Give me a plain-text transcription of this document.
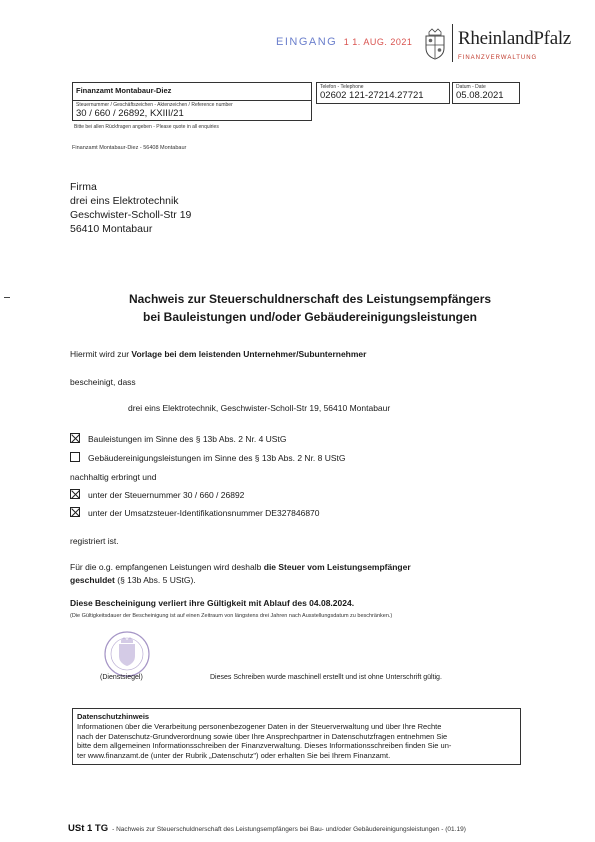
EINGANG 1 1. AUG. 2021 RheinlandPfalz
FINANZVERWALTUNG
Finanzamt Montabaur-Diez
Steuernummer / Geschäftszeichen - Aktenzeichen / Reference number
30 / 660 / 26892, KXIII/21
Bitte bei allen Rückfragen angeben - Please quote in all enquiries
Telefon - Telephone
02602 121-27214.27721
Datum - Date
05.08.2021
Finanzamt Montabaur-Diez - 56408 Montabaur
Firma
drei eins Elektrotechnik
Geschwister-Scholl-Str 19
56410 Montabaur
Nachweis zur Steuerschuldnerschaft des Leistungsempfängers
bei Bauleistungen und/oder Gebäudereinigungsleistungen
Hiermit wird zur Vorlage bei dem leistenden Unternehmer/Subunternehmer
bescheinigt, dass
drei eins Elektrotechnik, Geschwister-Scholl-Str 19, 56410 Montabaur
Bauleistungen im Sinne des § 13b Abs. 2 Nr. 4 UStG
Gebäudereinigungsleistungen im Sinne des § 13b Abs. 2 Nr. 8 UStG
nachhaltig erbringt und
unter der Steuernummer 30 / 660 / 26892
unter der Umsatzsteuer-Identifikationsnummer DE327846870
registriert ist.
Für die o.g. empfangenen Leistungen wird deshalb die Steuer vom Leistungsempfänger
geschuldet (§ 13b Abs. 5 UStG).
Diese Bescheinigung verliert ihre Gültigkeit mit Ablauf des 04.08.2024.
(Die Gültigkeitsdauer der Bescheinigung ist auf einen Zeitraum von längstens drei Jahren nach Ausstellungsdatum zu beschränken.)
(Dienstsiegel)	Dieses Schreiben wurde maschinell erstellt und ist ohne Unterschrift gültig.
Datenschutzhinweis
Informationen über die Verarbeitung personenbezogener Daten in der Steuerverwaltung und über Ihre Rechte
nach der Datenschutz-Grundverordnung sowie über Ihre Ansprechpartner in Datenschutzfragen entnehmen Sie
bitte dem allgemeinen Informationsschreiben der Finanzverwaltung. Dieses Informationsschreiben finden Sie un-
ter www.finanzamt.de (unter der Rubrik „Datenschutz") oder erhalten Sie bei Ihrem Finanzamt.
USt 1 TG - Nachweis zur Steuerschuldnerschaft des Leistungsempfängers bei Bau- und/oder Gebäudereinigungsleistungen - (01.19)
